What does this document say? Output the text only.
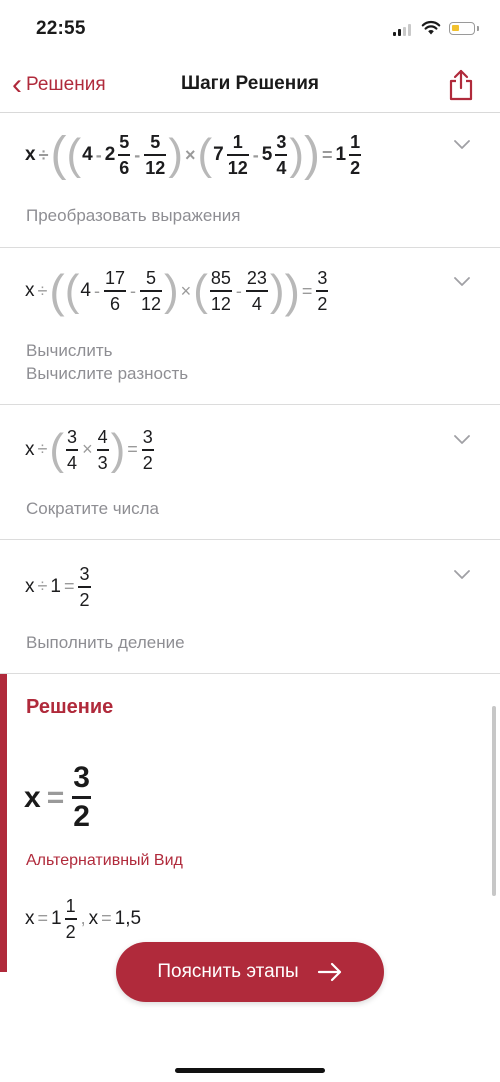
22:55
‹ Решения	Шаги Решения
x ÷ ( ( $4 - 2 \frac{5}{6} - \frac{5}{12}$ ) × ( $7 \frac{1}{12} - 5 \frac{3}{4}$ ) ) = $1 \frac{1}{2}$
Преобразовать выражения
x ÷ ( ( $4 - \frac{17}{6} - \frac{5}{12}$ ) × ( $\frac{85}{12} - \frac{23}{4}$ ) ) = $\frac{3}{2}$
Вычислить
Вычислите разность
x ÷ ( $\frac{3}{4} \times \frac{4}{3}$ ) = $\frac{3}{2}$
Сократите числа
$x \div 1 = \frac{3}{2}$
Выполнить деление
Решение
$x = \frac{3}{2}$
Альтернативный Вид
$x = 1 \frac{1}{2}$ , x = 1,5
Пояснить этапы
